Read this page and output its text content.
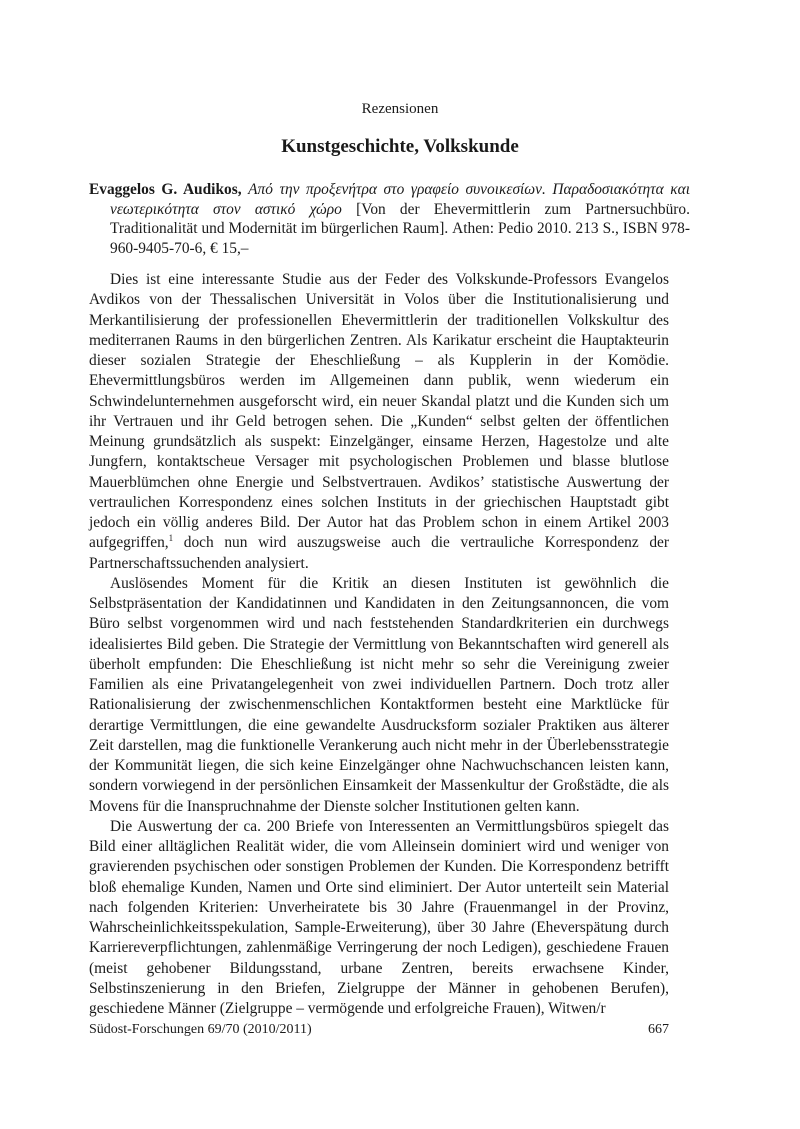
Rezensionen
Kunstgeschichte, Volkskunde
Evaggelos G. Audikos, Από την προξενήτρα στο γραφείο συνοικεσίων. Παραδοσιακότητα και νεωτερικότητα στον αστικό χώρο [Von der Ehevermittlerin zum Partnersuchbüro. Traditionalität und Modernität im bürgerlichen Raum]. Athen: Pedio 2010. 213 S., ISBN 978-960-9405-70-6, € 15,–

Dies ist eine interessante Studie aus der Feder des Volkskunde-Professors Evangelos Avdikos von der Thessalischen Universität in Volos über die Institutionalisierung und Merkantilisierung der professionellen Ehevermittlerin der traditionellen Volkskultur des mediterranen Raums in den bürgerlichen Zentren. Als Karikatur erscheint die Hauptakteurin dieser sozialen Strategie der Eheschließung – als Kupplerin in der Komödie. Ehevermittlungsbüros werden im Allgemeinen dann publik, wenn wiederum ein Schwindelunternehmen ausgeforscht wird, ein neuer Skandal platzt und die Kunden sich um ihr Vertrauen und ihr Geld betrogen sehen. Die „Kunden“ selbst gelten der öffentlichen Meinung grundsätzlich als suspekt: Einzelgänger, einsame Herzen, Hagestolze und alte Jungfern, kontaktscheue Versager mit psychologischen Problemen und blasse blutlose Mauerblümchen ohne Energie und Selbstvertrauen. Avdikos’ statistische Auswertung der vertraulichen Korrespondenz eines solchen Instituts in der griechischen Hauptstadt gibt jedoch ein völlig anderes Bild. Der Autor hat das Problem schon in einem Artikel 2003 aufgegriffen,$^1$ doch nun wird auszugsweise auch die vertrauliche Korrespondenz der Partnerschaftssuchenden analysiert.

Auslösendes Moment für die Kritik an diesen Instituten ist gewöhnlich die Selbstpräsentation der Kandidatinnen und Kandidaten in den Zeitungsannoncen, die vom Büro selbst vorgenommen wird und nach feststehenden Standardkriterien ein durchwegs idealisiertes Bild geben. Die Strategie der Vermittlung von Bekanntschaften wird generell als überholt empfunden: Die Eheschließung ist nicht mehr so sehr die Vereinigung zweier Familien als eine Privatangelegenheit von zwei individuellen Partnern. Doch trotz aller Rationalisierung der zwischenmenschlichen Kontaktformen besteht eine Marktlücke für derartige Vermittlungen, die eine gewandelte Ausdrucksform sozialer Praktiken aus älterer Zeit darstellen, mag die funktionelle Verankerung auch nicht mehr in der Überlebensstrategie der Kommunität liegen, die sich keine Einzelgänger ohne Nachwuchschancen leisten kann, sondern vorwiegend in der persönlichen Einsamkeit der Massenkultur der Großstädte, die als Movens für die Inanspruchnahme der Dienste solcher Institutionen gelten kann.

Die Auswertung der ca. 200 Briefe von Interessenten an Vermittlungsbüros spiegelt das Bild einer alltäglichen Realität wider, die vom Alleinsein dominiert wird und weniger von gravierenden psychischen oder sonstigen Problemen der Kunden. Die Korrespondenz betrifft bloß ehemalige Kunden, Namen und Orte sind eliminiert. Der Autor unterteilt sein Material nach folgenden Kriterien: Unverheiratete bis 30 Jahre (Frauenmangel in der Provinz, Wahrscheinlichkeitsspekulation, Sample-Erweiterung), über 30 Jahre (Eheverspätung durch Karriereverpflichtungen, zahlenmäßige Verringerung der noch Ledigen), geschiedene Frauen (meist gehobener Bildungsstand, urbane Zentren, bereits erwachsene Kinder, Selbstinszenierung in den Briefen, Zielgruppe der Männer in gehobenen Berufen), geschiedene Männer (Zielgruppe – vermögende und erfolgreiche Frauen), Witwen/r

Südost-Forschungen 69/70 (2010/2011)	667
